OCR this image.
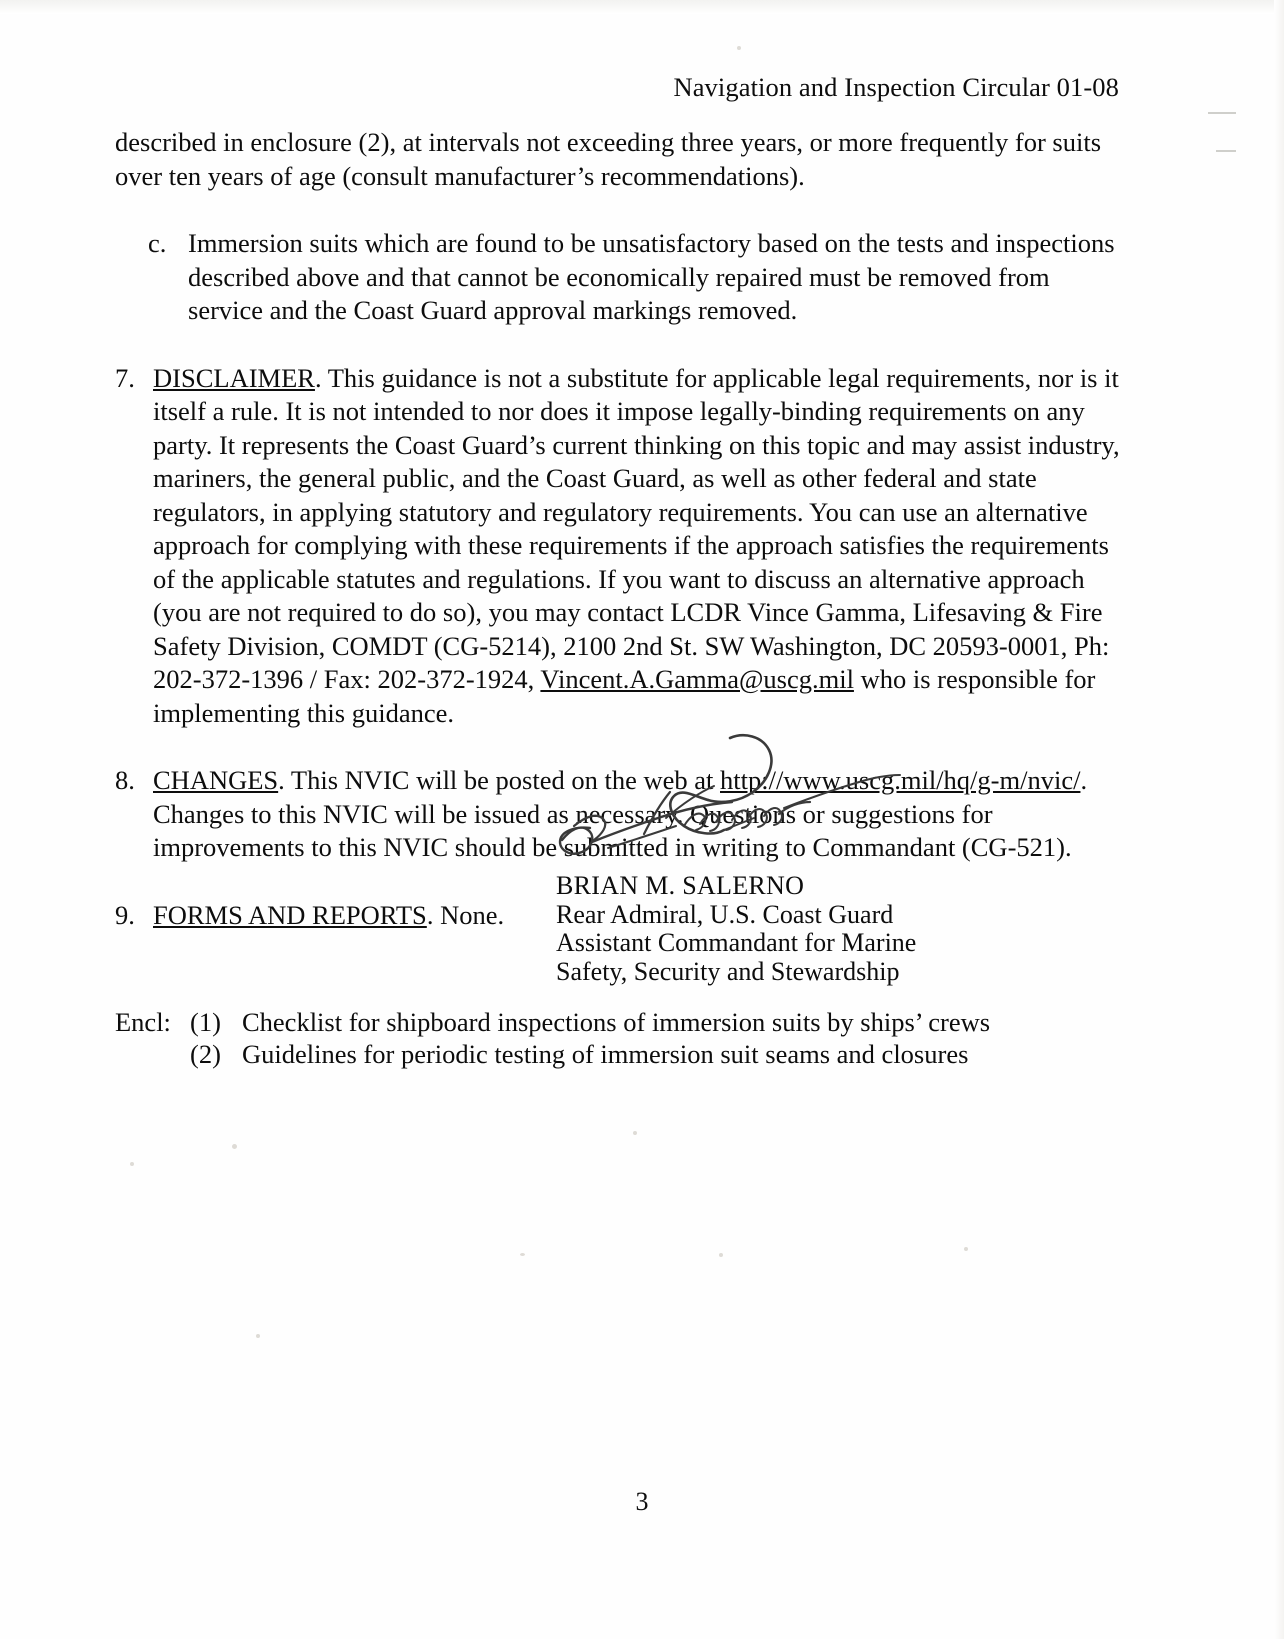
Navigation and Inspection Circular 01-08

described in enclosure (2), at intervals not exceeding three years, or more frequently for suits over ten years of age (consult manufacturer’s recommendations).

c. Immersion suits which are found to be unsatisfactory based on the tests and inspections described above and that cannot be economically repaired must be removed from service and the Coast Guard approval markings removed.
7. DISCLAIMER. This guidance is not a substitute for applicable legal requirements, nor is it itself a rule. It is not intended to nor does it impose legally-binding requirements on any party. It represents the Coast Guard’s current thinking on this topic and may assist industry, mariners, the general public, and the Coast Guard, as well as other federal and state regulators, in applying statutory and regulatory requirements. You can use an alternative approach for complying with these requirements if the approach satisfies the requirements of the applicable statutes and regulations. If you want to discuss an alternative approach (you are not required to do so), you may contact LCDR Vince Gamma, Lifesaving & Fire Safety Division, COMDT (CG-5214), 2100 2nd St. SW Washington, DC 20593-0001, Ph: 202-372-1396 / Fax: 202-372-1924, Vincent.A.Gamma@uscg.mil who is responsible for implementing this guidance.
8. CHANGES. This NVIC will be posted on the web at http://www.uscg.mil/hq/g-m/nvic/. Changes to this NVIC will be issued as necessary. Questions or suggestions for improvements to this NVIC should be submitted in writing to Commandant (CG-521).
9. FORMS AND REPORTS. None.
BRIAN M. SALERNO
Rear Admiral, U.S. Coast Guard
Assistant Commandant for Marine
Safety, Security and Stewardship
Encl: (1) Checklist for shipboard inspections of immersion suits by ships’ crews
(2) Guidelines for periodic testing of immersion suit seams and closures
3
